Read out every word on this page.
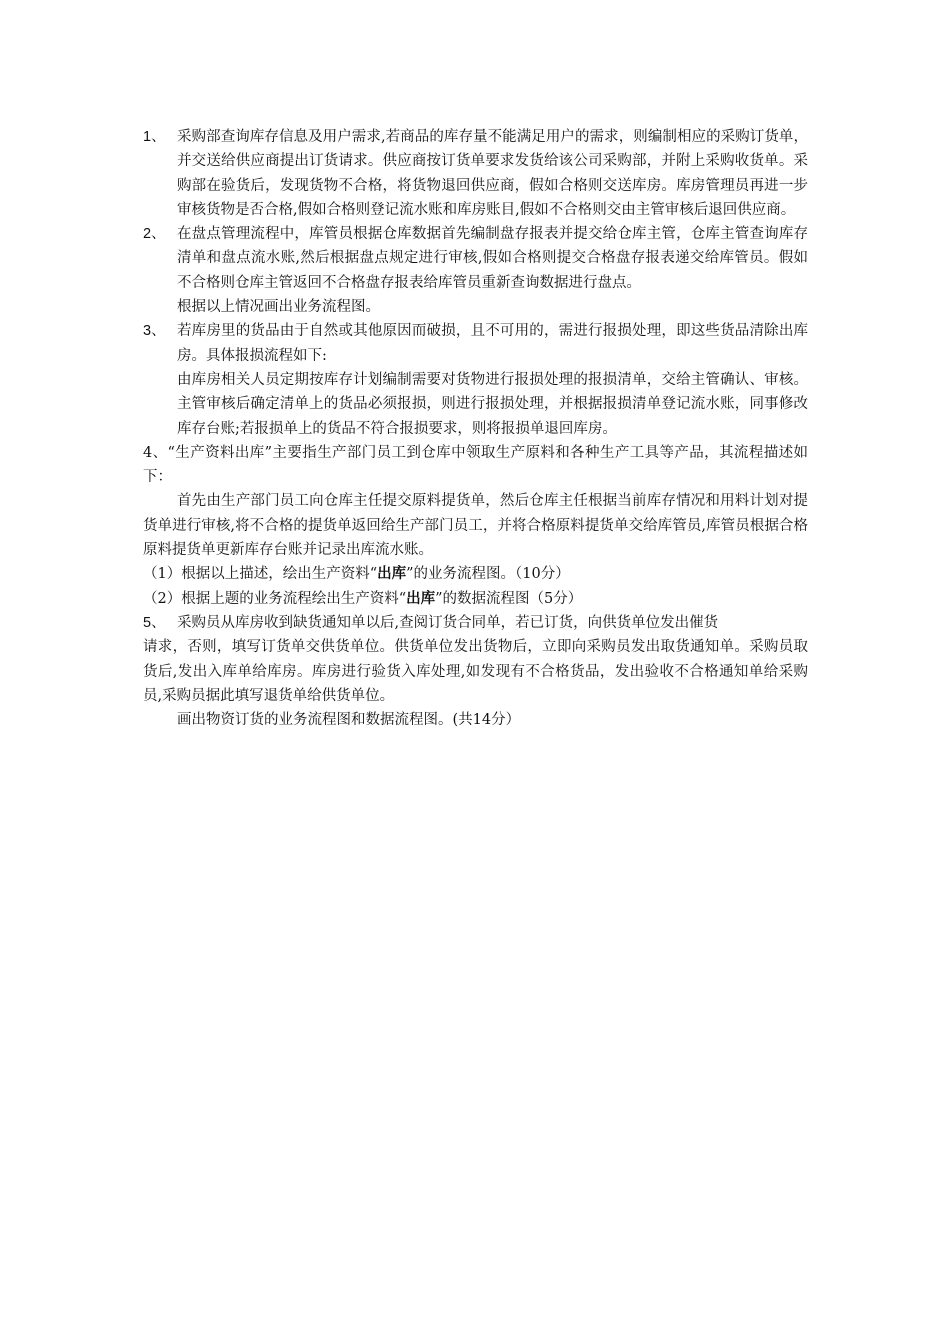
1、 采购部查询库存信息及用户需求,若商品的库存量不能满足用户的需求，则编制相应的采购订货单，并交送给供应商提出订货请求。供应商按订货单要求发货给该公司采购部，并附上采购收货单。采购部在验货后，发现货物不合格，将货物退回供应商，假如合格则交送库房。库房管理员再进一步审核货物是否合格,假如合格则登记流水账和库房账目,假如不合格则交由主管审核后退回供应商。

2、 在盘点管理流程中，库管员根据仓库数据首先编制盘存报表并提交给仓库主管，仓库主管查询库存清单和盘点流水账,然后根据盘点规定进行审核,假如合格则提交合格盘存报表递交给库管员。假如不合格则仓库主管返回不合格盘存报表给库管员重新查询数据进行盘点。

根据以上情况画出业务流程图。

3、 若库房里的货品由于自然或其他原因而破损，且不可用的，需进行报损处理，即这些货品清除出库房。具体报损流程如下:

由库房相关人员定期按库存计划编制需要对货物进行报损处理的报损清单，交给主管确认、审核。主管审核后确定清单上的货品必须报损，则进行报损处理，并根据报损清单登记流水账，同事修改库存台账;若报损单上的货品不符合报损要求，则将报损单退回库房。

4、“生产资料出库”主要指生产部门员工到仓库中领取生产原料和各种生产工具等产品，其流程描述如下：

首先由生产部门员工向仓库主任提交原料提货单，然后仓库主任根据当前库存情况和用料计划对提货单进行审核,将不合格的提货单返回给生产部门员工，并将合格原料提货单交给库管员,库管员根据合格原料提货单更新库存台账并记录出库流水账。

（1）根据以上描述，绘出生产资料“出库”的业务流程图。（10分）

（2）根据上题的业务流程绘出生产资料“出库”的数据流程图（5分）

5、 采购员从库房收到缺货通知单以后,查阅订货合同单，若已订货，向供货单位发出催货

请求，否则，填写订货单交供货单位。供货单位发出货物后，立即向采购员发出取货通知单。采购员取货后,发出入库单给库房。库房进行验货入库处理,如发现有不合格货品，发出验收不合格通知单给采购员,采购员据此填写退货单给供货单位。

画出物资订货的业务流程图和数据流程图。(共14分）
